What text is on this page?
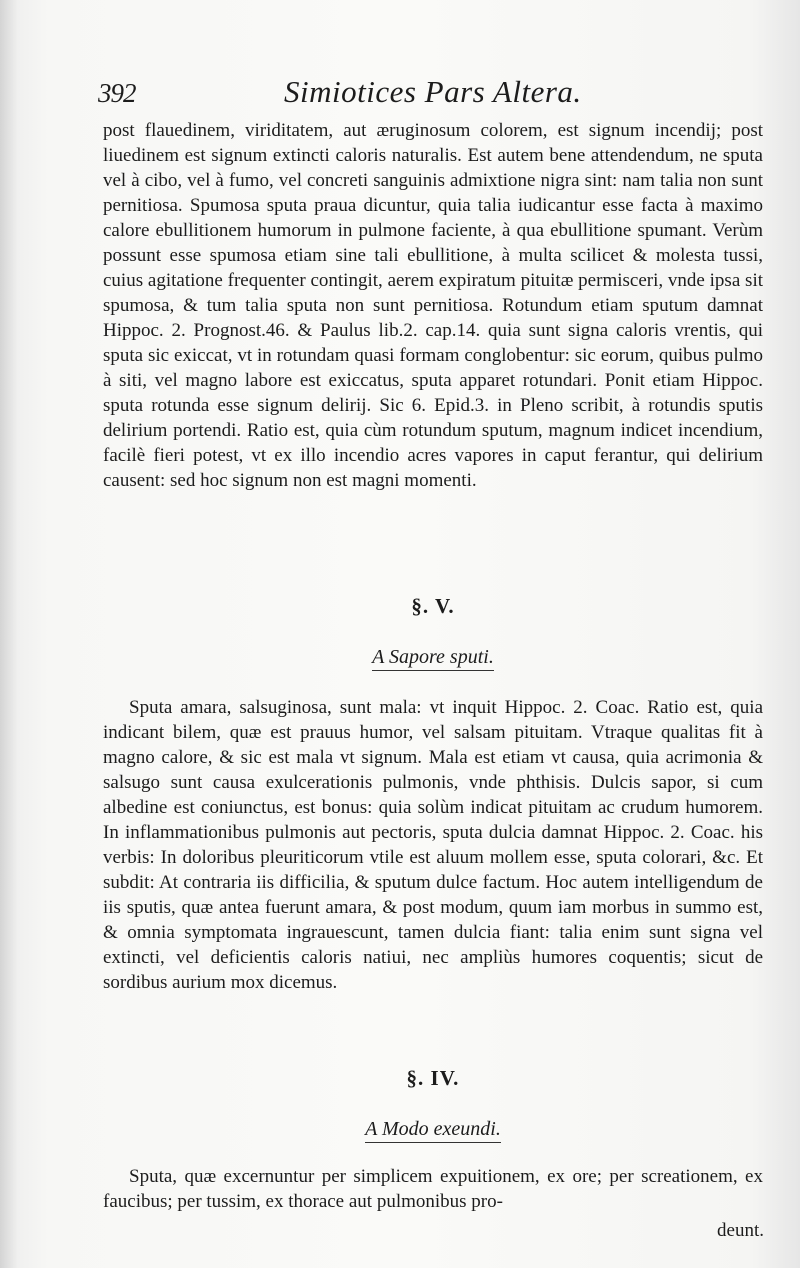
392	Simiotices Pars Altera.

post flauedinem, viriditatem, aut æruginosum colorem, est signum incendij; post liuedinem est signum extincti caloris naturalis. Est autem bene attendendum, ne sputa vel à cibo, vel à fumo, vel concreti sanguinis admixtione nigra sint: nam talia non sunt pernitiosa. Spumosa sputa praua dicuntur, quia talia iudicantur esse facta à maximo calore ebullitionem humorum in pulmone faciente, à qua ebullitione spumant. Verùm possunt esse spumosa etiam sine tali ebullitione, à multa scilicet & molesta tussi, cuius agitatione frequenter contingit, aerem expiratum pituitæ permisceri, vnde ipsa sit spumosa, & tum talia sputa non sunt pernitiosa. Rotundum etiam sputum damnat Hippoc. 2. Prognost.46. & Paulus lib.2. cap.14. quia sunt signa caloris vrentis, qui sputa sic exiccat, vt in rotundam quasi formam conglobentur: sic eorum, quibus pulmo à siti, vel magno labore est exiccatus, sputa apparet rotundari. Ponit etiam Hippoc. sputa rotunda esse signum delirij. Sic 6. Epid.3. in Pleno scribit, à rotundis sputis delirium portendi. Ratio est, quia cùm rotundum sputum, magnum indicet incendium, facilè fieri potest, vt ex illo incendio acres vapores in caput ferantur, qui delirium causent: sed hoc signum non est magni momenti.

§. V.
A Sapore sputi.

Sputa amara, salsuginosa, sunt mala: vt inquit Hippoc. 2. Coac. Ratio est, quia indicant bilem, quæ est prauus humor, vel salsam pituitam. Vtraque qualitas fit à magno calore, & sic est mala vt signum. Mala est etiam vt causa, quia acrimonia & salsugo sunt causa exulcerationis pulmonis, vnde phthisis. Dulcis sapor, si cum albedine est coniunctus, est bonus: quia solùm indicat pituitam ac crudum humorem. In inflammationibus pulmonis aut pectoris, sputa dulcia damnat Hippoc. 2. Coac. his verbis: In doloribus pleuriticorum vtile est aluum mollem esse, sputa colorari, &c. Et subdit: At contraria iis difficilia, & sputum dulce factum. Hoc autem intelligendum de iis sputis, quæ antea fuerunt amara, & post modum, quum iam morbus in summo est, & omnia symptomata ingrauescunt, tamen dulcia fiant: talia enim sunt signa vel extincti, vel deficientis caloris natiui, nec ampliùs humores coquentis; sicut de sordibus aurium mox dicemus.

§. IV.
A Modo exeundi.

Sputa, quæ excernuntur per simplicem expuitionem, ex ore; per screationem, ex faucibus; per tussim, ex thorace aut pulmonibus pro-

deunt.
